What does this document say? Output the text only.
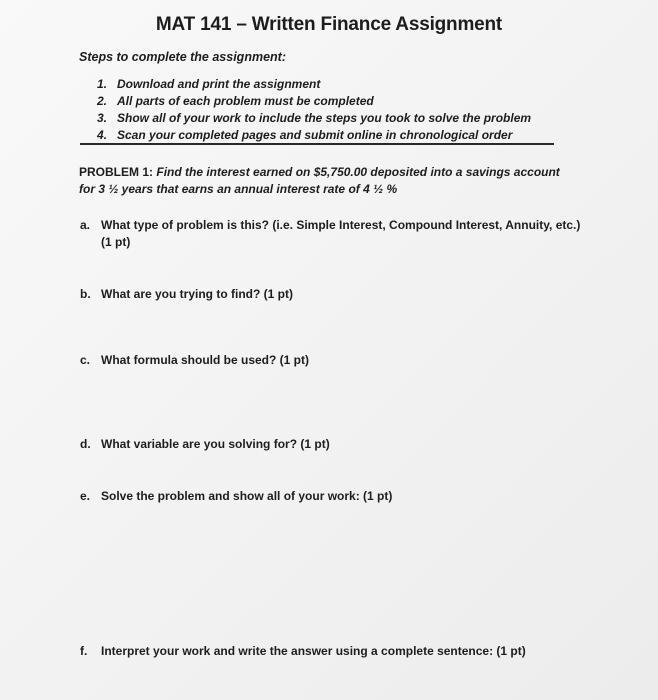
MAT 141 – Written Finance Assignment
Steps to complete the assignment:
1. Download and print the assignment
2. All parts of each problem must be completed
3. Show all of your work to include the steps you took to solve the problem
4. Scan your completed pages and submit online in chronological order
PROBLEM 1: Find the interest earned on $5,750.00 deposited into a savings account
for 3 ½ years that earns an annual interest rate of 4 ½ %
a. What type of problem is this? (i.e. Simple Interest, Compound Interest, Annuity, etc.)
(1 pt)
b. What are you trying to find? (1 pt)
c. What formula should be used? (1 pt)
d. What variable are you solving for? (1 pt)
e. Solve the problem and show all of your work: (1 pt)
f. Interpret your work and write the answer using a complete sentence: (1 pt)
